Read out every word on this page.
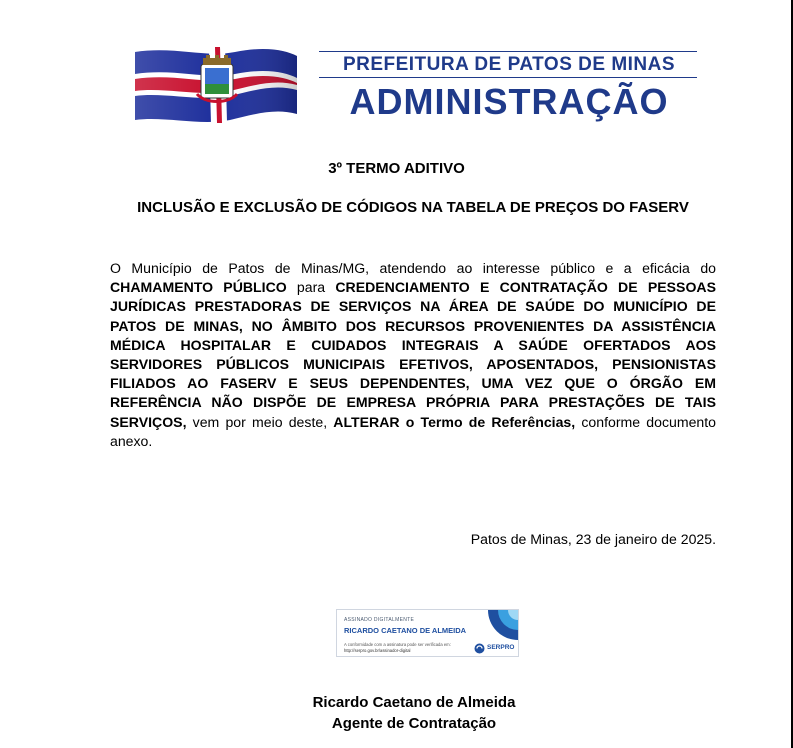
PREFEITURA DE PATOS DE MINAS
ADMINISTRAÇÃO
3º TERMO ADITIVO
INCLUSÃO E EXCLUSÃO DE CÓDIGOS NA TABELA DE PREÇOS DO FASERV
O Município de Patos de Minas/MG, atendendo ao interesse público e a eficácia do CHAMAMENTO PÚBLICO para CREDENCIAMENTO E CONTRATAÇÃO DE PESSOAS JURÍDICAS PRESTADORAS DE SERVIÇOS NA ÁREA DE SAÚDE DO MUNICÍPIO DE PATOS DE MINAS, NO ÂMBITO DOS RECURSOS PROVENIENTES DA ASSISTÊNCIA MÉDICA HOSPITALAR E CUIDADOS INTEGRAIS A SAÚDE OFERTADOS AOS SERVIDORES PÚBLICOS MUNICIPAIS EFETIVOS, APOSENTADOS, PENSIONISTAS FILIADOS AO FASERV E SEUS DEPENDENTES, UMA VEZ QUE O ÓRGÃO EM REFERÊNCIA NÃO DISPÕE DE EMPRESA PRÓPRIA PARA PRESTAÇÕES DE TAIS SERVIÇOS, vem por meio deste, ALTERAR o Termo de Referências, conforme documento anexo.
Patos de Minas, 23 de janeiro de 2025.
ASSINADO DIGITALMENTE
RICARDO CAETANO DE ALMEIDA
A conformidade com a assinatura pode ser verificada em:
http://serpro.gov.br/assinador-digital	SERPRO
Ricardo Caetano de Almeida
Agente de Contratação
